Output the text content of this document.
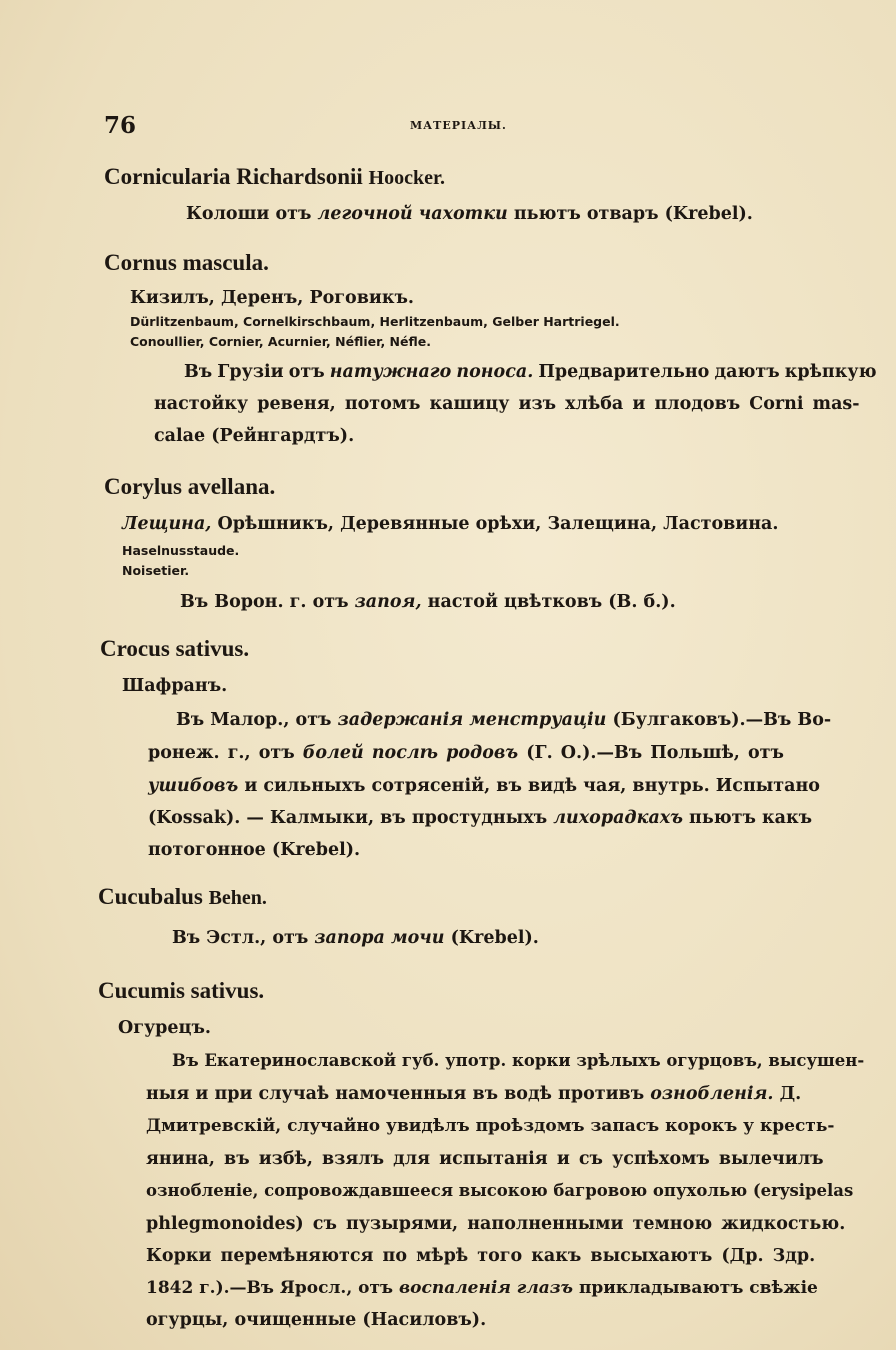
76	МАТЕРIАЛЫ.
Cornicularia Richardsonii Hoocker.
Колоши отъ легочной чахотки пьютъ отваръ (Krebel).
Cornus mascula.
Кизилъ, Деренъ, Роговикъ.
Dürlitzenbaum, Cornelkirschbaum, Herlitzenbaum, Gelber Hartriegel.
Conoullier, Cornier, Acurnier, Néflier, Néfle.
Въ Грузiи отъ натужнаго поноса. Предварительно даютъ крѣпкую
настойку ревеня, потомъ кашицу изъ хлѣба и плодовъ Corni mas-
calae (Рейнгардтъ).
Corylus avellana.
Лещина, Орѣшникъ, Деревянные орѣхи, Залещина, Ластовина.
Haselnusstaude.
Noisetier.
Въ Ворон. г. отъ запоя, настой цвѣтковъ (В. б.).
Crocus sativus.
Шафранъ.
Въ Малор., отъ задержанiя менструацiи (Булгаковъ).—Въ Во-
ронеж. г., отъ болей послѣ родовъ (Г. О.).—Въ Польшѣ, отъ
ушибовъ и сильныхъ сотрясенiй, въ видѣ чая, внутрь. Испытано
(Kossak). — Калмыки, въ простудныхъ лихорадкахъ пьютъ какъ
потогонное (Krebel).
Cucubalus Behen.
Въ Эстл., отъ запора мочи (Krebel).
Cucumis sativus.
Огурецъ.
Въ Екатеринославской губ. употр. корки зрѣлыхъ огурцовъ, высушен-
ныя и при случаѣ намоченныя въ водѣ противъ ознобленiя. Д.
Дмитревскiй, случайно увидѣлъ проѣздомъ запасъ корокъ у кресть-
янина, въ избѣ, взялъ для испытанiя и съ успѣхомъ вылечилъ
ознобленiе, сопровождавшееся высокою багровою опухолью (erysipelas
phlegmonoides) съ пузырями, наполненными темною жидкостью.
Корки перемѣняются по мѣрѣ того какъ высыхаютъ (Др. Здр.
1842 г.).—Въ Яросл., отъ воспаленiя глазъ прикладываютъ свѣжiе
огурцы, очищенные (Насиловъ).
